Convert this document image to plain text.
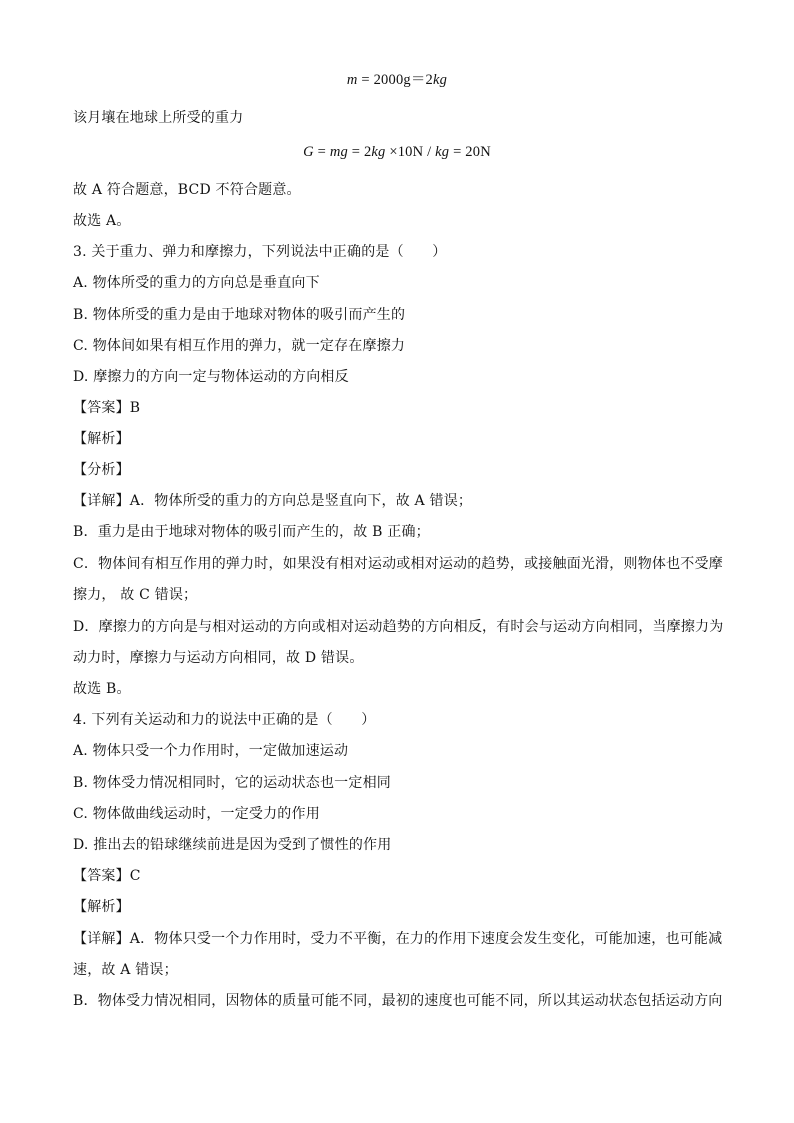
m = 2000g＝2kg
该月壤在地球上所受的重力
G = mg = 2kg ×10N / kg = 20N
故 A 符合题意，BCD 不符合题意。
故选 A。
3. 关于重力、弹力和摩擦力，下列说法中正确的是（　　）
A. 物体所受的重力的方向总是垂直向下
B. 物体所受的重力是由于地球对物体的吸引而产生的
C. 物体间如果有相互作用的弹力，就一定存在摩擦力
D. 摩擦力的方向一定与物体运动的方向相反
【答案】B
【解析】
【分析】
【详解】A．物体所受的重力的方向总是竖直向下，故 A 错误；
B．重力是由于地球对物体的吸引而产生的，故 B 正确；
C．物体间有相互作用的弹力时，如果没有相对运动或相对运动的趋势，或接触面光滑，则物体也不受摩
擦力， 故 C 错误；
D．摩擦力的方向是与相对运动的方向或相对运动趋势的方向相反，有时会与运动方向相同，当摩擦力为
动力时，摩擦力与运动方向相同，故 D 错误。
故选 B。
4. 下列有关运动和力的说法中正确的是（　　）
A. 物体只受一个力作用时，一定做加速运动
B. 物体受力情况相同时，它的运动状态也一定相同
C. 物体做曲线运动时，一定受力的作用
D. 推出去的铅球继续前进是因为受到了惯性的作用
【答案】C
【解析】
【详解】A．物体只受一个力作用时，受力不平衡，在力的作用下速度会发生变化，可能加速，也可能减
速，故 A 错误；
B．物体受力情况相同，因物体的质量可能不同，最初的速度也可能不同，所以其运动状态包括运动方向
